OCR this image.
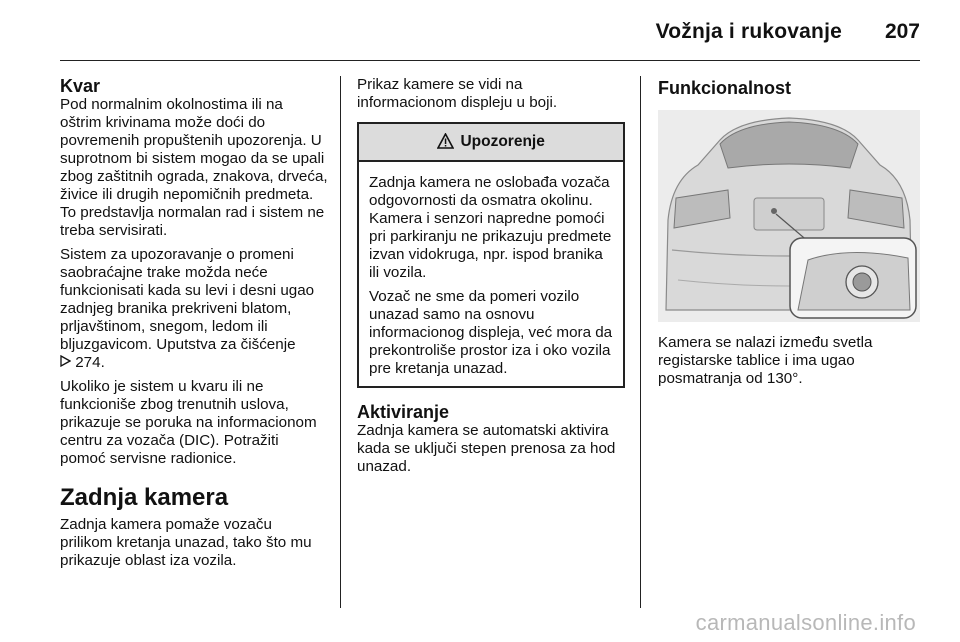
Vožnja i rukovanje 207
Kvar

Pod normalnim okolnostima ili na oštrim krivinama može doći do povremenih propuštenih upozorenja. U suprotnom bi sistem mogao da se upali zbog zaštitnih ograda, znakova, drveća, živice ili drugih nepomičnih predmeta. To predstavlja normalan rad i sistem ne treba servisirati.

Sistem za upozoravanje o promeni saobraćajne trake možda neće funkcionisati kada su levi i desni ugao zadnjeg branika prekriveni blatom, prljavštinom, snegom, ledom ili bljuzgavicom. Uputstva za čišćenje
274.

Ukoliko je sistem u kvaru ili ne funkcioniše zbog trenutnih uslova, prikazuje se poruka na informacionom centru za vozača (DIC). Potražiti pomoć servisne radionice.

Zadnja kamera

Zadnja kamera pomaže vozaču prilikom kretanja unazad, tako što mu prikazuje oblast iza vozila.

Prikaz kamere se vidi na informacionom displeju u boji.

Upozorenje

Zadnja kamera ne oslobađa vozača odgovornosti da osmatra okolinu. Kamera i senzori napredne pomoći pri parkiranju ne prikazuju predmete izvan vidokruga, npr. ispod branika ili vozila.

Vozač ne sme da pomeri vozilo unazad samo na osnovu informacionog displeja, već mora da prekontroliše prostor iza i oko vozila pre kretanja unazad.

Aktiviranje

Zadnja kamera se automatski aktivira kada se uključi stepen prenosa za hod unazad.

Funkcionalnost

Kamera se nalazi između svetla registarske tablice i ima ugao posmatranja od 130°.

carmanualsonline.info
